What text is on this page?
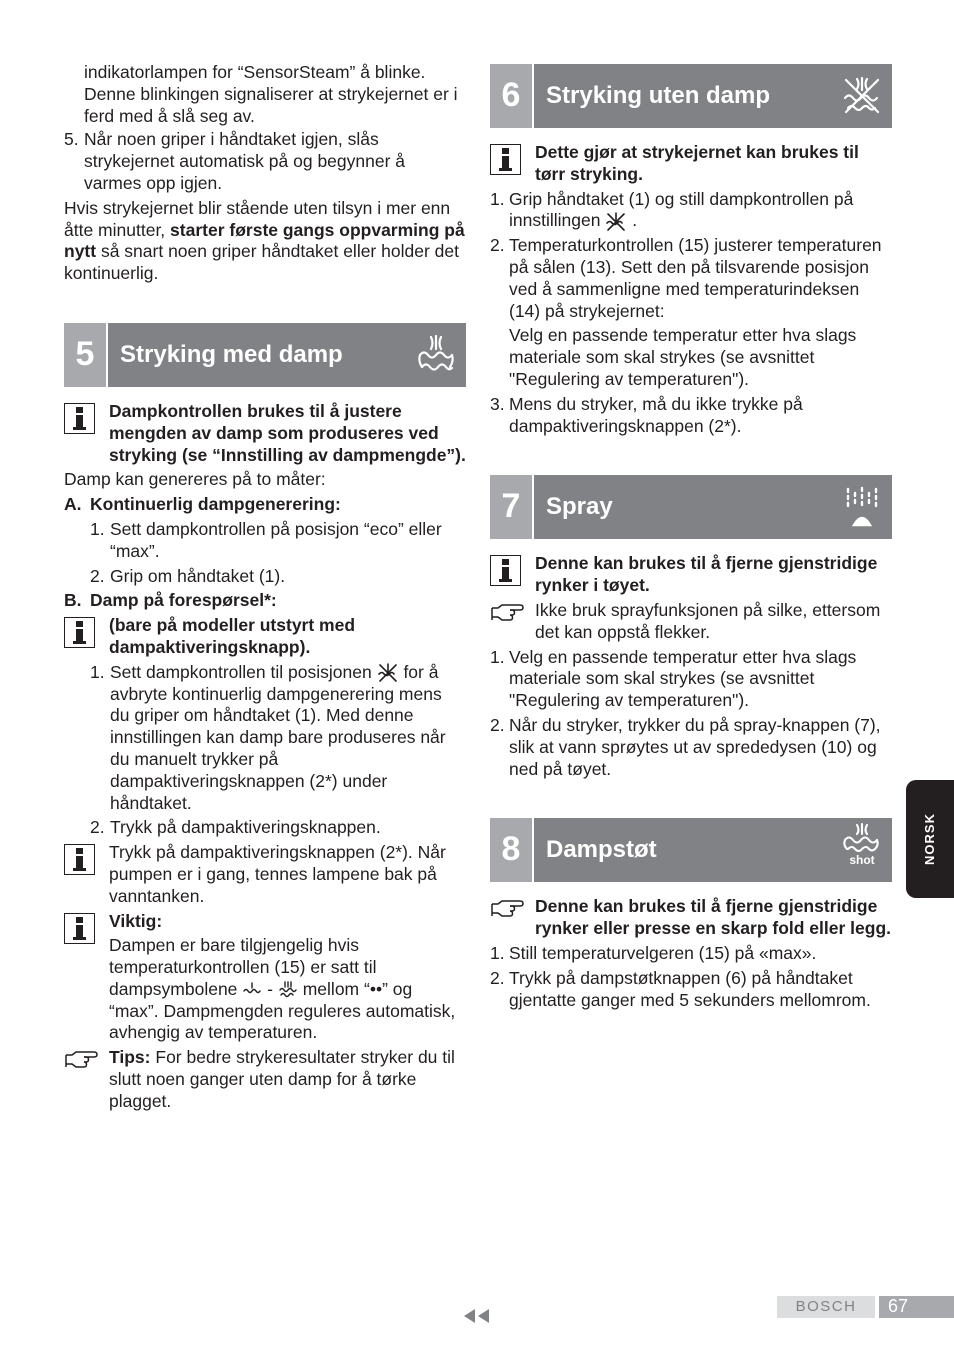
indikatorlampen for “SensorSteam” å blinke. Denne blinkingen signaliserer at strykejernet er i ferd med å slå seg av.

5. Når noen griper i håndtaket igjen, slås strykejernet automatisk på og begynner å varmes opp igjen.

Hvis strykejernet blir stående uten tilsyn i mer enn åtte minutter, starter første gangs oppvarming på nytt så snart noen griper håndtaket eller holder det kontinuerlig.

5	Stryking med damp

Dampkontrollen brukes til å justere mengden av damp som produseres ved stryking (se “Innstilling av dampmengde”).

Damp kan genereres på to måter:

A. Kontinuerlig dampgenerering:
1. Sett dampkontrollen på posisjon “eco” eller “max”.
2. Grip om håndtaket (1).
B. Damp på forespørsel*:

(bare på modeller utstyrt med dampaktiveringsknapp).

1. Sett dampkontrollen til posisjonen for å avbryte kontinuerlig dampgenerering mens du griper om håndtaket (1). Med denne innstillingen kan damp bare produseres når du manuelt trykker på dampaktiveringsknappen (2*) under håndtaket.

2. Trykk på dampaktiveringsknappen.

Trykk på dampaktiveringsknappen (2*). Når pumpen er i gang, tennes lampene bak på vanntanken.

Viktig:

Dampen er bare tilgjengelig hvis temperaturkontrollen (15) er satt til dampsymbolene - mellom “••” og “max”. Dampmengden reguleres automatisk, avhengig av temperaturen.

Tips: For bedre strykeresultater stryker du til slutt noen ganger uten damp for å tørke plagget.

6	Stryking uten damp

Dette gjør at strykejernet kan brukes til tørr stryking.

1. Grip håndtaket (1) og still dampkontrollen på innstillingen .

2. Temperaturkontrollen (15) justerer temperaturen på sålen (13). Sett den på tilsvarende posisjon ved å sammenligne med temperaturindeksen (14) på strykejernet:

Velg en passende temperatur etter hva slags materiale som skal strykes (se avsnittet "Regulering av temperaturen").

3. Mens du stryker, må du ikke trykke på dampaktiveringsknappen (2*).
7	Spray

Denne kan brukes til å fjerne gjenstridige rynker i tøyet.

Ikke bruk sprayfunksjonen på silke, ettersom det kan oppstå flekker.

1. Velg en passende temperatur etter hva slags materiale som skal strykes (se avsnittet "Regulering av temperaturen").
2. Når du stryker, trykker du på spray-knappen (7), slik at vann sprøytes ut av sprededysen (10) og ned på tøyet.
8	Dampstøt	shot

Denne kan brukes til å fjerne gjenstridige rynker eller presse en skarp fold eller legg.

1. Still temperaturvelgeren (15) på «max».
2. Trykk på dampstøtknappen (6) på håndtaket gjentatte ganger med 5 sekunders mellomrom.
NORSK
BOSCH	67
